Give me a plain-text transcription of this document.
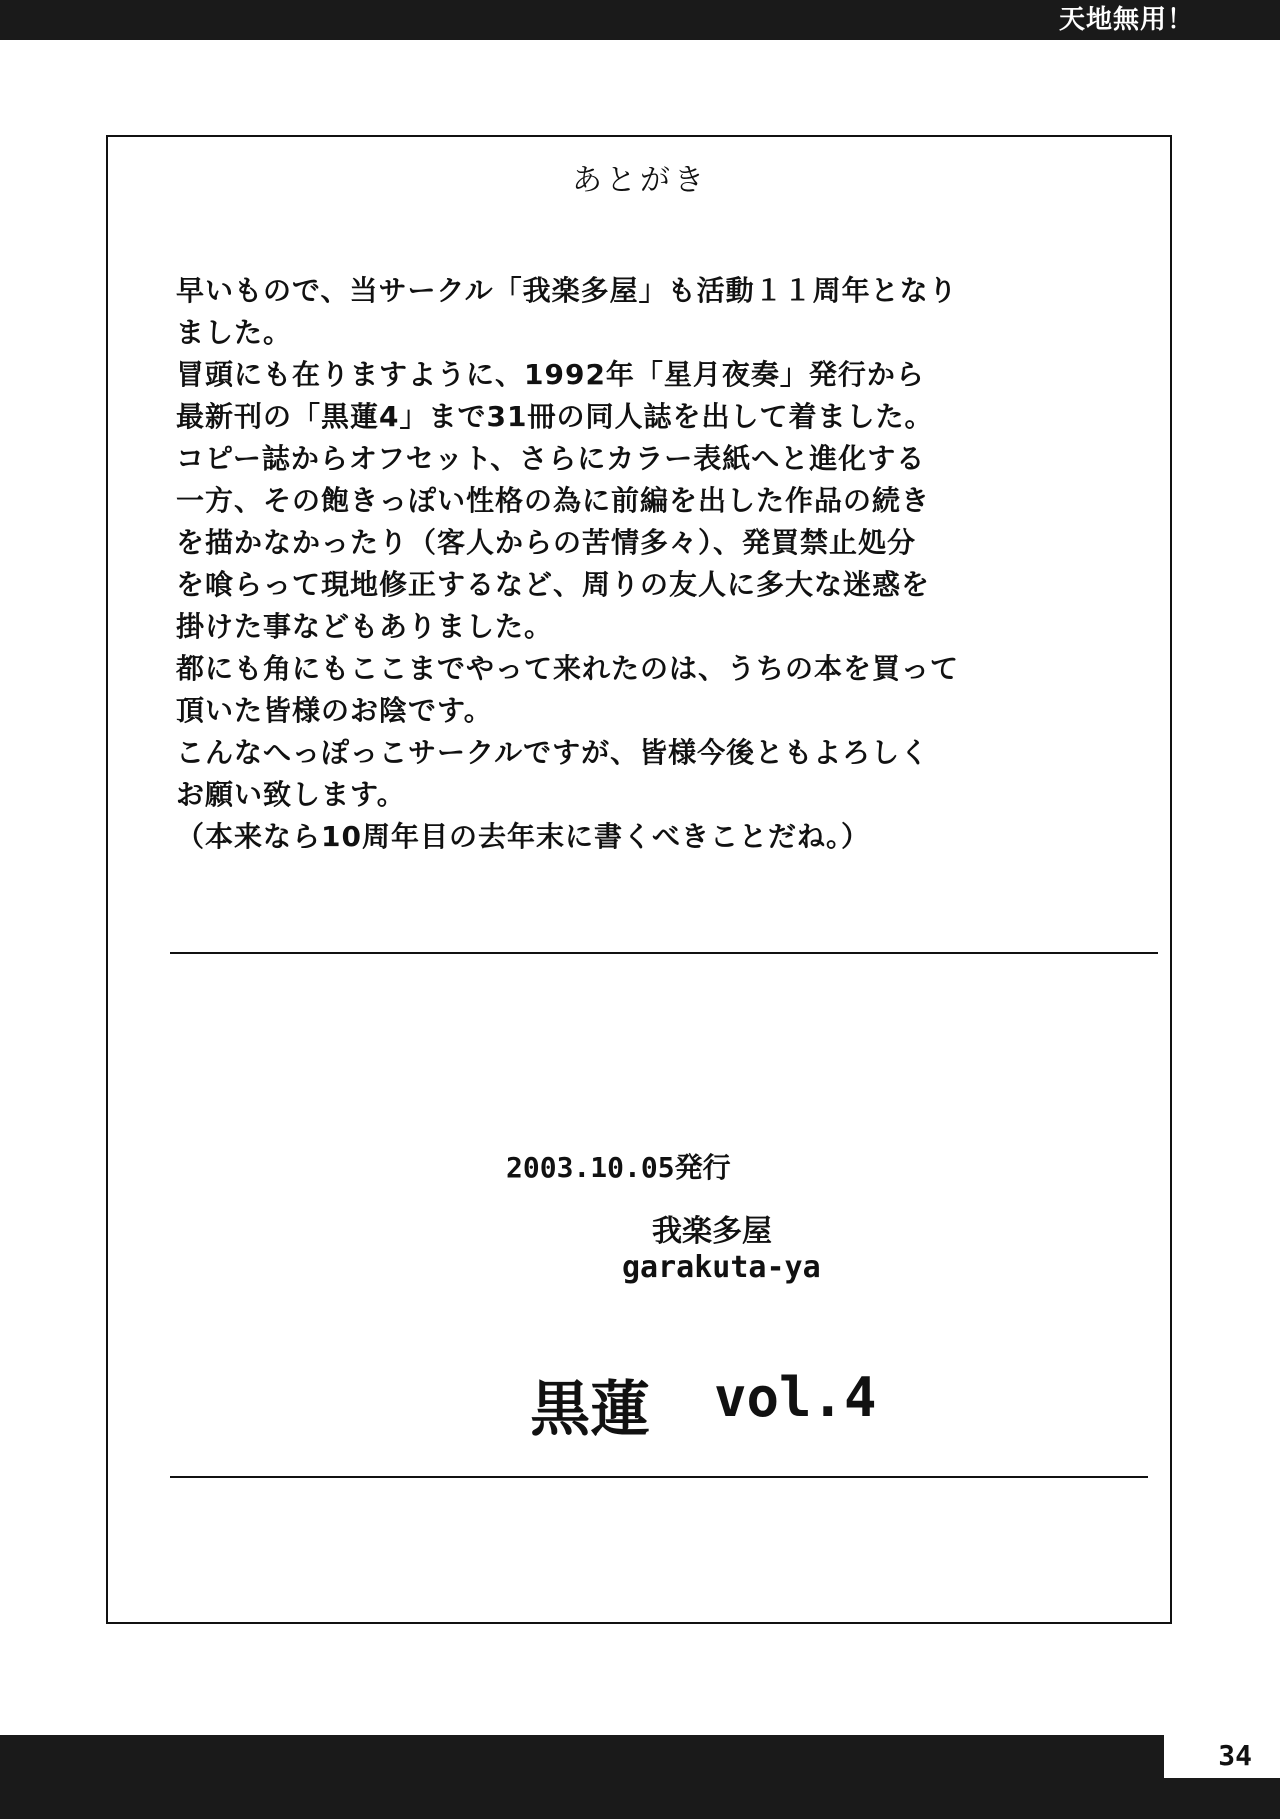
天地無用！
あとがき
早いもので、当サークル「我楽多屋」も活動１１周年となり
ました。
冒頭にも在りますように、1992年「星月夜奏」発行から
最新刊の「黒蓮4」まで31冊の同人誌を出して着ました。
コピー誌からオフセット、さらにカラー表紙へと進化する
一方、その飽きっぽい性格の為に前編を出した作品の続き
を描かなかったり（客人からの苦情多々）、発買禁止処分
を喰らって現地修正するなど、周りの友人に多大な迷惑を
掛けた事などもありました。
都にも角にもここまでやって来れたのは、うちの本を買って
頂いた皆様のお陰です。
こんなへっぽっこサークルですが、皆様今後ともよろしく
お願い致します。
（本来なら10周年目の去年末に書くべきことだね。）
2003.10.05発行
我楽多屋
garakuta-ya
黒蓮 vol.4
34
